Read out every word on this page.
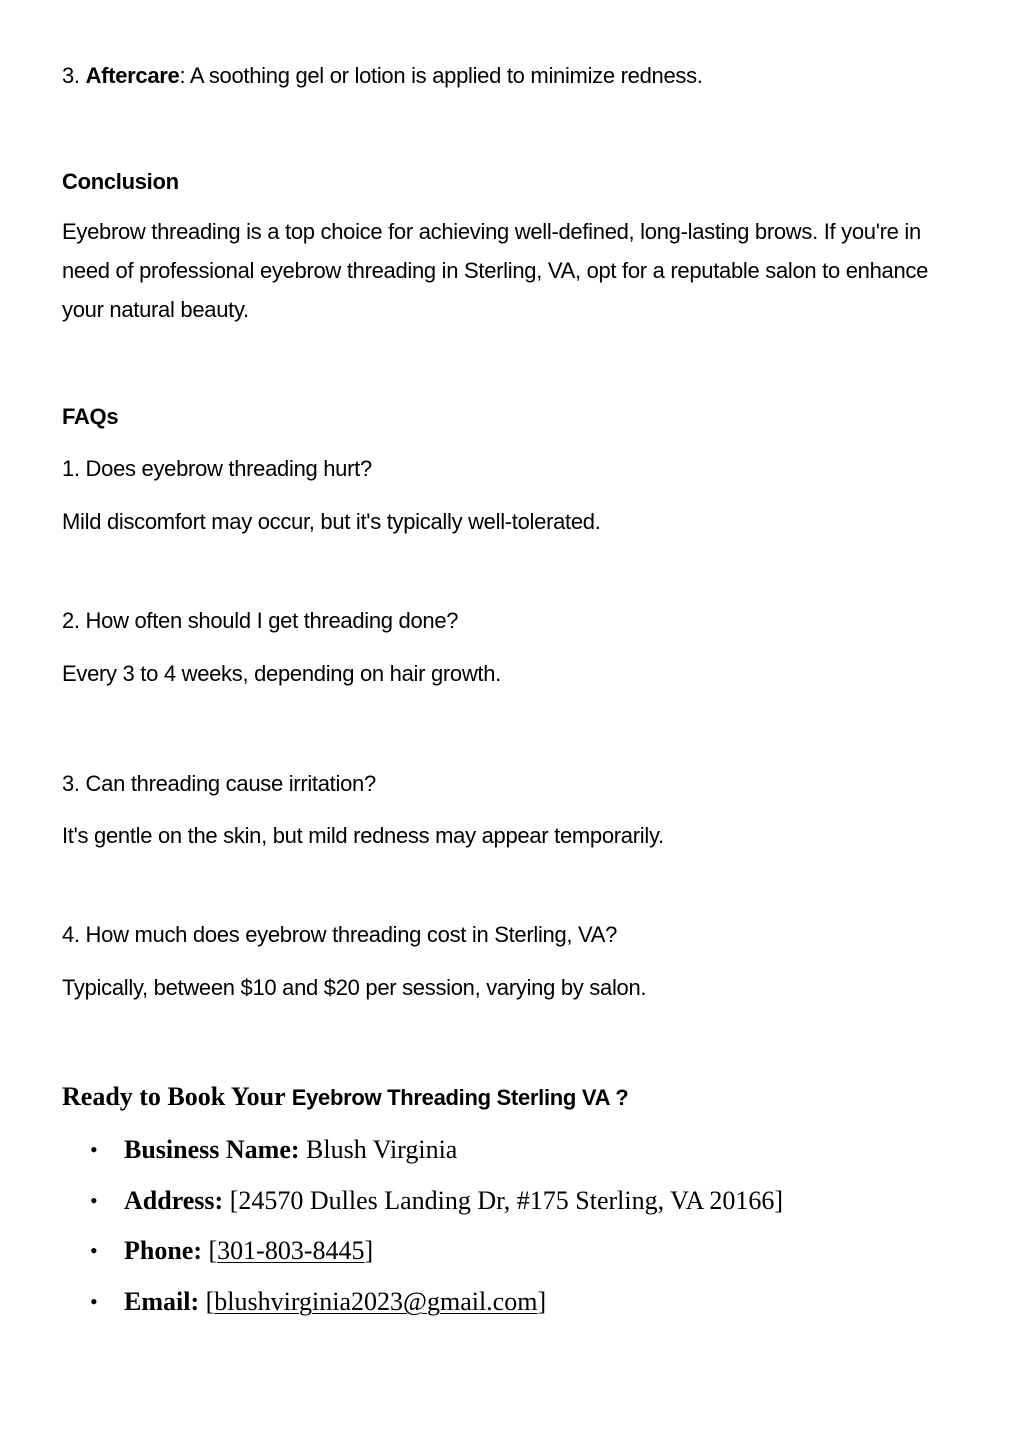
3. Aftercare: A soothing gel or lotion is applied to minimize redness.

Conclusion

Eyebrow threading is a top choice for achieving well-defined, long-lasting brows. If you're in need of professional eyebrow threading in Sterling, VA, opt for a reputable salon to enhance your natural beauty.

FAQs

1. Does eyebrow threading hurt?

Mild discomfort may occur, but it's typically well-tolerated.

2. How often should I get threading done?

Every 3 to 4 weeks, depending on hair growth.

3. Can threading cause irritation?

It's gentle on the skin, but mild redness may appear temporarily.

4. How much does eyebrow threading cost in Sterling, VA?

Typically, between $10 and $20 per session, varying by salon.

Ready to Book Your Eyebrow Threading Sterling VA ?
• Business Name: Blush Virginia
• Address: [24570 Dulles Landing Dr, #175 Sterling, VA 20166]
• Phone: [301-803-8445]
• Email: [blushvirginia2023@gmail.com]
